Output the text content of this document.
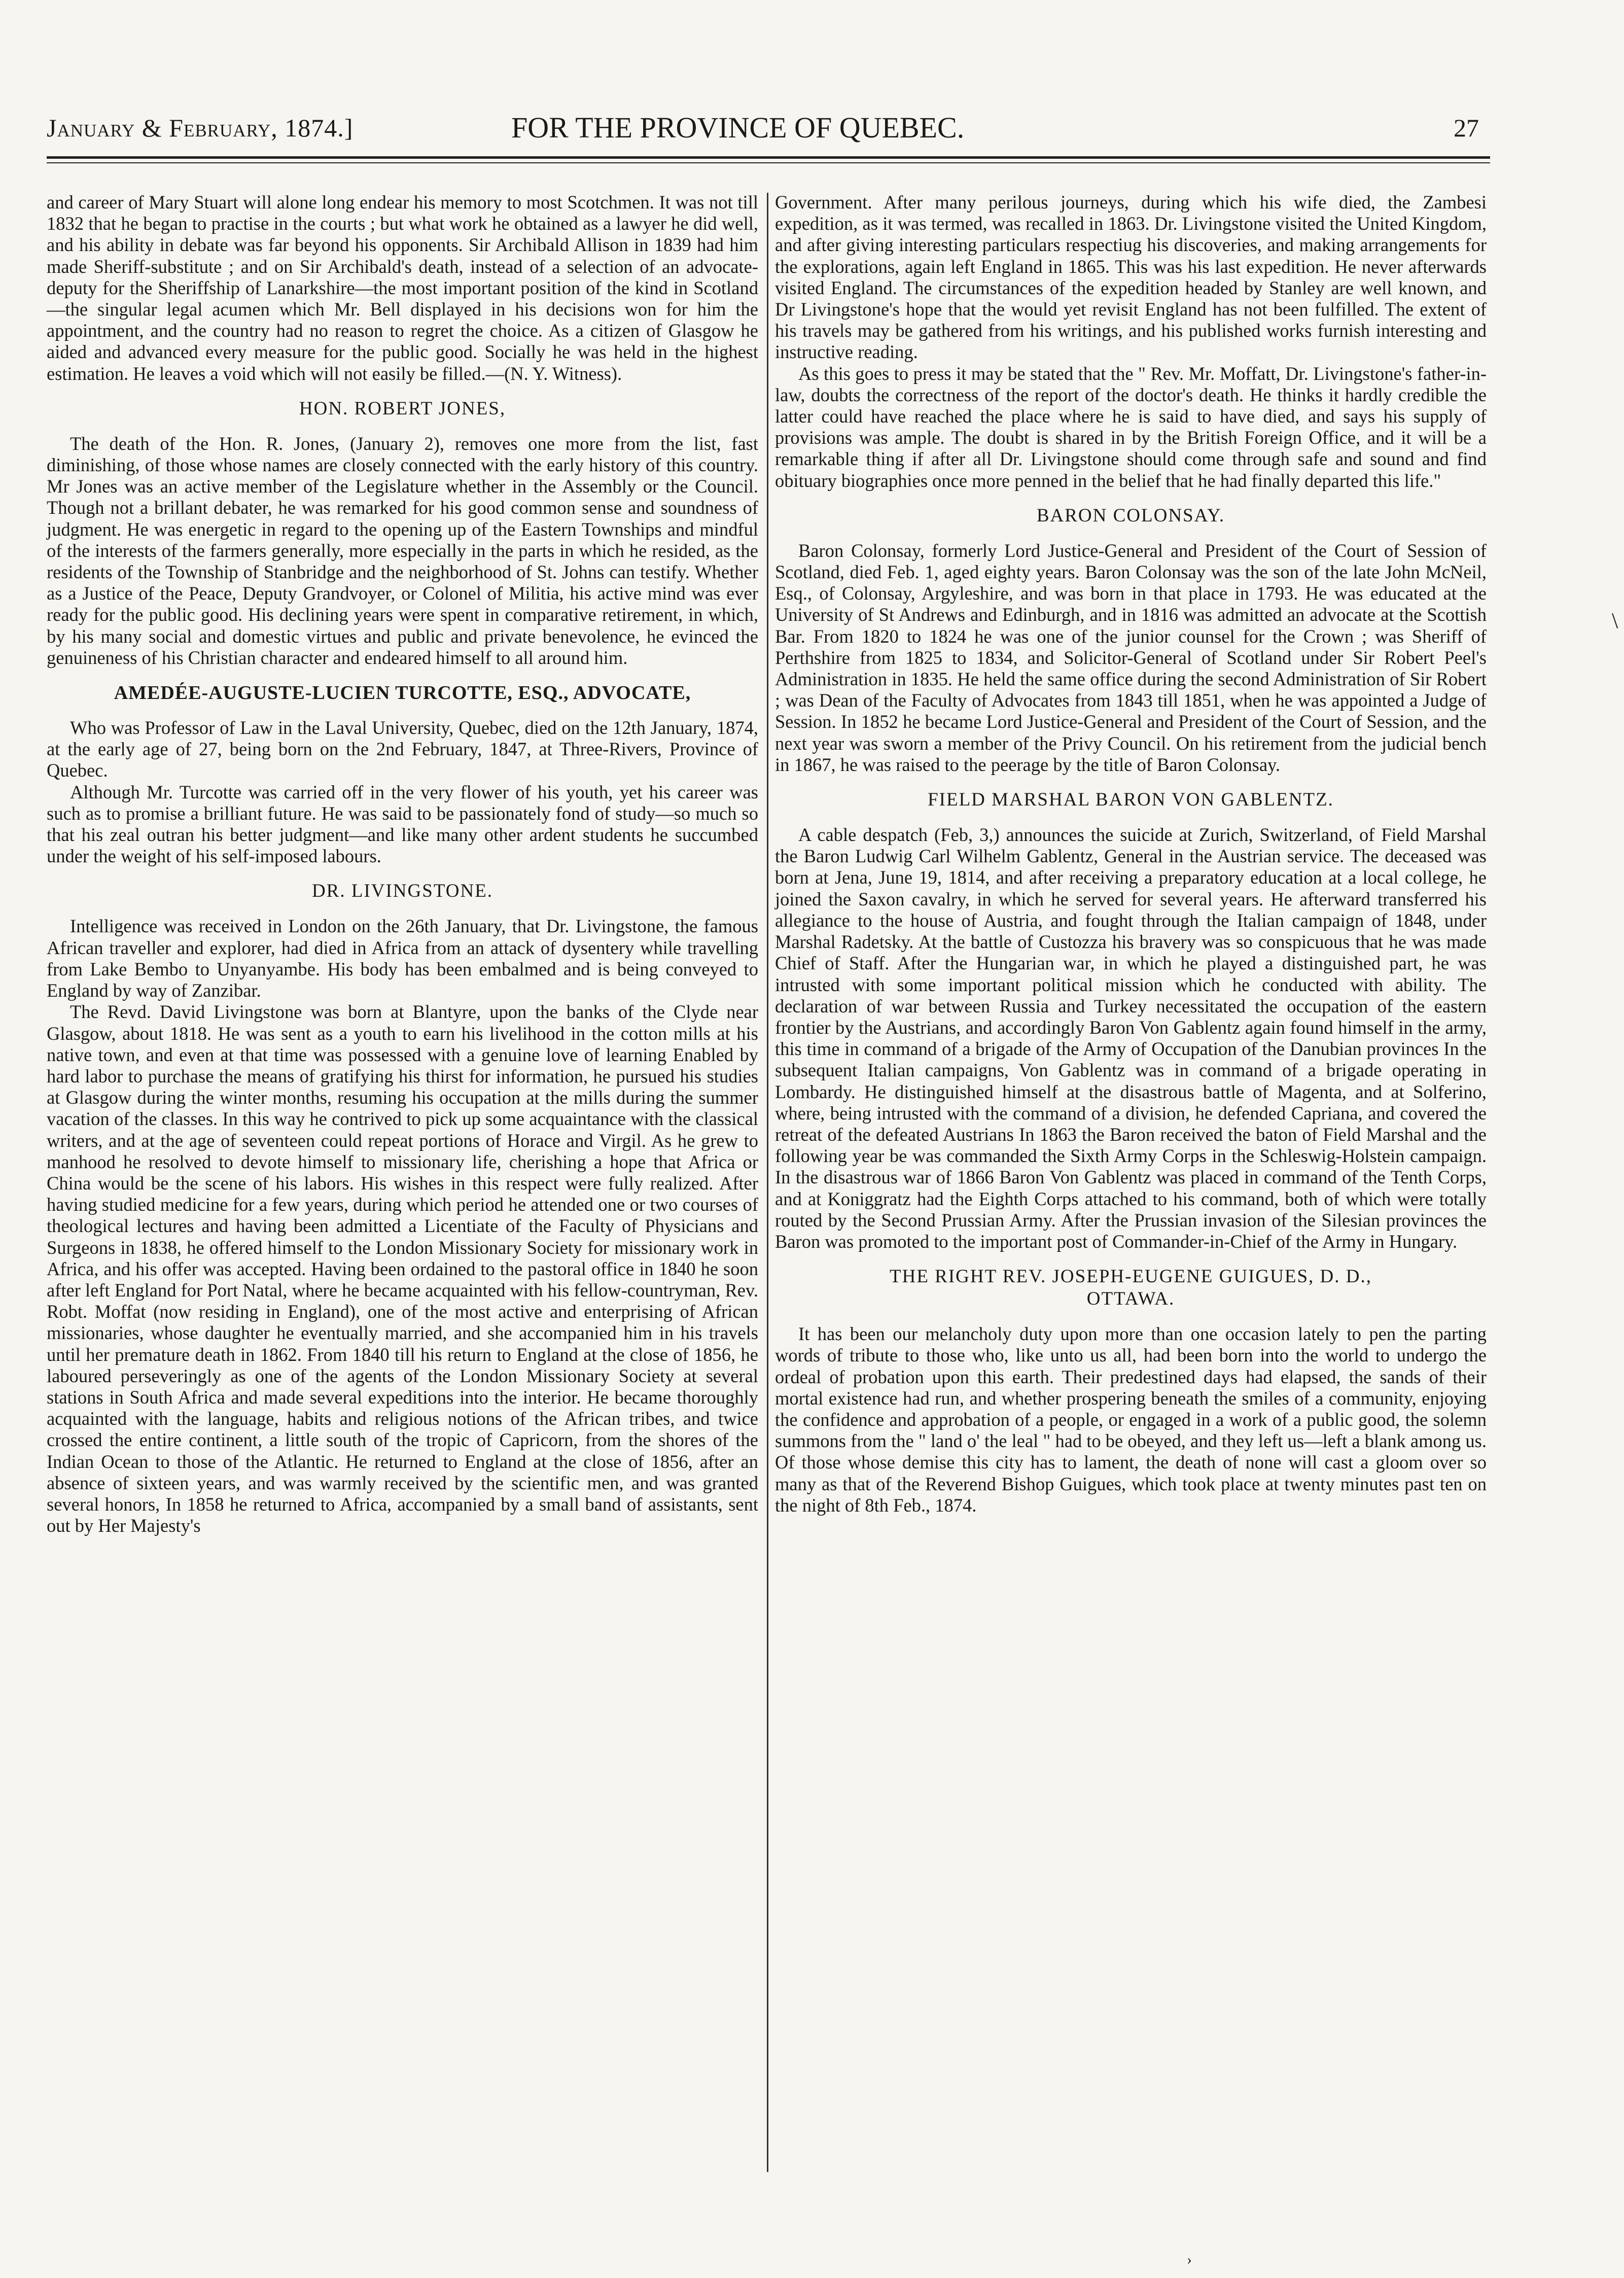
January & February, 1874.]	FOR THE PROVINCE OF QUEBEC.	27

and career of Mary Stuart will alone long endear his memory to most Scotchmen. It was not till 1832 that he began to practise in the courts ; but what work he obtained as a lawyer he did well, and his ability in debate was far beyond his opponents. Sir Archibald Allison in 1839 had him made Sheriff-substitute ; and on Sir Archibald's death, instead of a selection of an advocate-deputy for the Sheriffship of Lanarkshire—the most important position of the kind in Scotland—the singular legal acumen which Mr. Bell displayed in his decisions won for him the appointment, and the country had no reason to regret the choice. As a citizen of Glasgow he aided and advanced every measure for the public good. Socially he was held in the highest estimation. He leaves a void which will not easily be filled.—(N. Y. Witness).

HON. ROBERT JONES,

The death of the Hon. R. Jones, (January 2), removes one more from the list, fast diminishing, of those whose names are closely connected with the early history of this country. Mr Jones was an active member of the Legislature whether in the Assembly or the Council. Though not a brillant debater, he was remarked for his good common sense and soundness of judgment. He was energetic in regard to the opening up of the Eastern Townships and mindful of the interests of the farmers generally, more especially in the parts in which he resided, as the residents of the Township of Stanbridge and the neighborhood of St. Johns can testify. Whether as a Justice of the Peace, Deputy Grandvoyer, or Colonel of Militia, his active mind was ever ready for the public good. His declining years were spent in comparative retirement, in which, by his many social and domestic virtues and public and private benevolence, he evinced the genuineness of his Christian character and endeared himself to all around him.

AMEDÉE-AUGUSTE-LUCIEN TURCOTTE, ESQ., ADVOCATE,

Who was Professor of Law in the Laval University, Quebec, died on the 12th January, 1874, at the early age of 27, being born on the 2nd February, 1847, at Three-Rivers, Province of Quebec.

Although Mr. Turcotte was carried off in the very flower of his youth, yet his career was such as to promise a brilliant future. He was said to be passionately fond of study—so much so that his zeal outran his better judgment—and like many other ardent students he succumbed under the weight of his self-imposed labours.

DR. LIVINGSTONE.

Intelligence was received in London on the 26th January, that Dr. Livingstone, the famous African traveller and explorer, had died in Africa from an attack of dysentery while travelling from Lake Bembo to Unyanyambe. His body has been embalmed and is being conveyed to England by way of Zanzibar.

The Revd. David Livingstone was born at Blantyre, upon the banks of the Clyde near Glasgow, about 1818. He was sent as a youth to earn his livelihood in the cotton mills at his native town, and even at that time was possessed with a genuine love of learning Enabled by hard labor to purchase the means of gratifying his thirst for information, he pursued his studies at Glasgow during the winter months, resuming his occupation at the mills during the summer vacation of the classes. In this way he contrived to pick up some acquaintance with the classical writers, and at the age of seventeen could repeat portions of Horace and Virgil. As he grew to manhood he resolved to devote himself to missionary life, cherishing a hope that Africa or China would be the scene of his labors. His wishes in this respect were fully realized. After having studied medicine for a few years, during which period he attended one or two courses of theological lectures and having been admitted a Licentiate of the Faculty of Physicians and Surgeons in 1838, he offered himself to the London Missionary Society for missionary work in Africa, and his offer was accepted. Having been ordained to the pastoral office in 1840 he soon after left England for Port Natal, where he became acquainted with his fellow-countryman, Rev. Robt. Moffat (now residing in England), one of the most active and enterprising of African missionaries, whose daughter he eventually married, and she accompanied him in his travels until her premature death in 1862. From 1840 till his return to England at the close of 1856, he laboured perseveringly as one of the agents of the London Missionary Society at several stations in South Africa and made several expeditions into the interior. He became thoroughly acquainted with the language, habits and religious notions of the African tribes, and twice crossed the entire continent, a little south of the tropic of Capricorn, from the shores of the Indian Ocean to those of the Atlantic. He returned to England at the close of 1856, after an absence of sixteen years, and was warmly received by the scientific men, and was granted several honors, In 1858 he returned to Africa, accompanied by a small band of assistants, sent out by Her Majesty's

Government. After many perilous journeys, during which his wife died, the Zambesi expedition, as it was termed, was recalled in 1863. Dr. Livingstone visited the United Kingdom, and after giving interesting particulars respectiug his discoveries, and making arrangements for the explorations, again left England in 1865. This was his last expedition. He never afterwards visited England. The circumstances of the expedition headed by Stanley are well known, and Dr Livingstone's hope that the would yet revisit England has not been fulfilled. The extent of his travels may be gathered from his writings, and his published works furnish interesting and instructive reading.

As this goes to press it may be stated that the " Rev. Mr. Moffatt, Dr. Livingstone's father-in-law, doubts the correctness of the report of the doctor's death. He thinks it hardly credible the latter could have reached the place where he is said to have died, and says his supply of provisions was ample. The doubt is shared in by the British Foreign Office, and it will be a remarkable thing if after all Dr. Livingstone should come through safe and sound and find obituary biographies once more penned in the belief that he had finally departed this life."

BARON COLONSAY.

Baron Colonsay, formerly Lord Justice-General and President of the Court of Session of Scotland, died Feb. 1, aged eighty years. Baron Colonsay was the son of the late John McNeil, Esq., of Colonsay, Argyleshire, and was born in that place in 1793. He was educated at the University of St Andrews and Edinburgh, and in 1816 was admitted an advocate at the Scottish Bar. From 1820 to 1824 he was one of the junior counsel for the Crown ; was Sheriff of Perthshire from 1825 to 1834, and Solicitor-General of Scotland under Sir Robert Peel's Administration in 1835. He held the same office during the second Administration of Sir Robert ; was Dean of the Faculty of Advocates from 1843 till 1851, when he was appointed a Judge of Session. In 1852 he became Lord Justice-General and President of the Court of Session, and the next year was sworn a member of the Privy Council. On his retirement from the judicial bench in 1867, he was raised to the peerage by the title of Baron Colonsay.

FIELD MARSHAL BARON VON GABLENTZ.

A cable despatch (Feb, 3,) announces the suicide at Zurich, Switzerland, of Field Marshal the Baron Ludwig Carl Wilhelm Gablentz, General in the Austrian service. The deceased was born at Jena, June 19, 1814, and after receiving a preparatory education at a local college, he joined the Saxon cavalry, in which he served for several years. He afterward transferred his allegiance to the house of Austria, and fought through the Italian campaign of 1848, under Marshal Radetsky. At the battle of Custozza his bravery was so conspicuous that he was made Chief of Staff. After the Hungarian war, in which he played a distinguished part, he was intrusted with some important political mission which he conducted with ability. The declaration of war between Russia and Turkey necessitated the occupation of the eastern frontier by the Austrians, and accordingly Baron Von Gablentz again found himself in the army, this time in command of a brigade of the Army of Occupation of the Danubian provinces In the subsequent Italian campaigns, Von Gablentz was in command of a brigade operating in Lombardy. He distinguished himself at the disastrous battle of Magenta, and at Solferino, where, being intrusted with the command of a division, he defended Capriana, and covered the retreat of the defeated Austrians In 1863 the Baron received the baton of Field Marshal and the following year be was commanded the Sixth Army Corps in the Schleswig-Holstein campaign. In the disastrous war of 1866 Baron Von Gablentz was placed in command of the Tenth Corps, and at Koniggratz had the Eighth Corps attached to his command, both of which were totally routed by the Second Prussian Army. After the Prussian invasion of the Silesian provinces the Baron was promoted to the important post of Commander-in-Chief of the Army in Hungary.

THE RIGHT REV. JOSEPH-EUGENE GUIGUES, D. D.,
OTTAWA.

It has been our melancholy duty upon more than one occasion lately to pen the parting words of tribute to those who, like unto us all, had been born into the world to undergo the ordeal of probation upon this earth. Their predestined days had elapsed, the sands of their mortal existence had run, and whether prospering beneath the smiles of a community, enjoying the confidence and approbation of a people, or engaged in a work of a public good, the solemn summons from the " land o' the leal " had to be obeyed, and they left us—left a blank among us. Of those whose demise this city has to lament, the death of none will cast a gloom over so many as that of the Reverend Bishop Guigues, which took place at twenty minutes past ten on the night of 8th Feb., 1874.

\
›
